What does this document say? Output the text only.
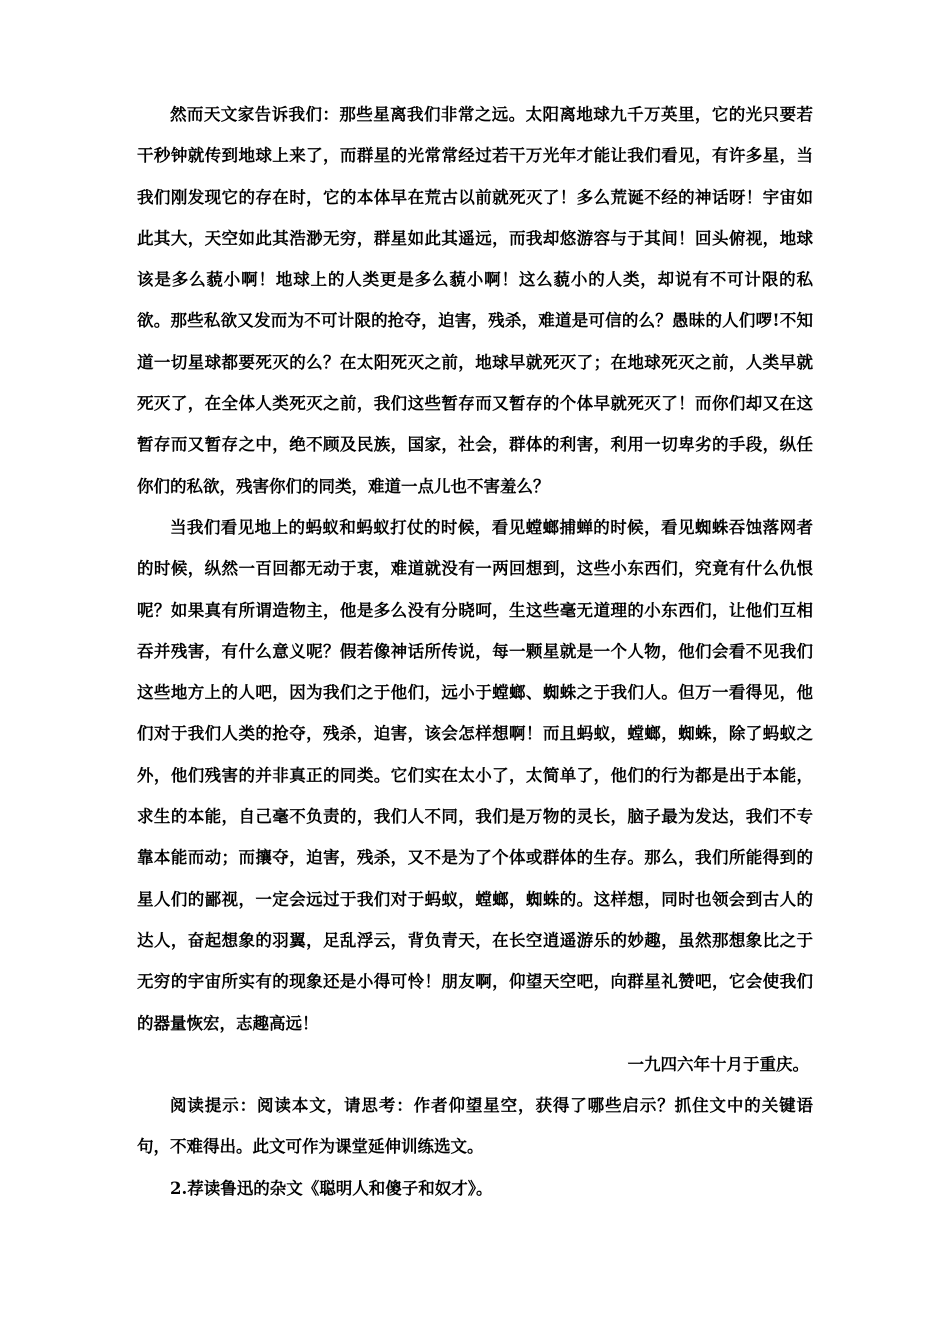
然而天文家告诉我们：那些星离我们非常之远。太阳离地球九千万英里，它的光只要若干秒钟就传到地球上来了，而群星的光常常经过若干万光年才能让我们看见，有许多星，当我们刚发现它的存在时，它的本体早在荒古以前就死灭了！多么荒诞不经的神话呀！宇宙如此其大，天空如此其浩渺无穷，群星如此其遥远，而我却悠游容与于其间！回头俯视，地球该是多么藐小啊！地球上的人类更是多么藐小啊！这么藐小的人类，却说有不可计限的私欲。那些私欲又发而为不可计限的抢夺，迫害，残杀，难道是可信的么？愚昧的人们啰!不知道一切星球都要死灭的么？在太阳死灭之前，地球早就死灭了；在地球死灭之前，人类早就死灭了，在全体人类死灭之前，我们这些暂存而又暂存的个体早就死灭了！而你们却又在这暂存而又暂存之中，绝不顾及民族，国家，社会，群体的利害，利用一切卑劣的手段，纵任你们的私欲，残害你们的同类，难道一点儿也不害羞么？

当我们看见地上的蚂蚁和蚂蚁打仗的时候，看见螳螂捕蝉的时候，看见蜘蛛吞蚀落网者的时候，纵然一百回都无动于衷，难道就没有一两回想到，这些小东西们，究竟有什么仇恨呢？如果真有所谓造物主，他是多么没有分晓呵，生这些毫无道理的小东西们，让他们互相吞并残害，有什么意义呢？假若像神话所传说，每一颗星就是一个人物，他们会看不见我们这些地方上的人吧，因为我们之于他们，远小于螳螂、蜘蛛之于我们人。但万一看得见，他们对于我们人类的抢夺，残杀，迫害，该会怎样想啊！而且蚂蚁，螳螂，蜘蛛，除了蚂蚁之外，他们残害的并非真正的同类。它们实在太小了，太简单了，他们的行为都是出于本能，求生的本能，自己毫不负责的，我们人不同，我们是万物的灵长，脑子最为发达，我们不专靠本能而动；而攘夺，迫害，残杀，又不是为了个体或群体的生存。那么，我们所能得到的星人们的鄙视，一定会远过于我们对于蚂蚁，螳螂，蜘蛛的。这样想，同时也领会到古人的达人，奋起想象的羽翼，足乱浮云，背负青天，在长空逍遥游乐的妙趣，虽然那想象比之于无穷的宇宙所实有的现象还是小得可怜！朋友啊，仰望天空吧，向群星礼赞吧，它会使我们的器量恢宏，志趣高远！

一九四六年十月于重庆。

阅读提示：阅读本文，请思考：作者仰望星空，获得了哪些启示？抓住文中的关键语句，不难得出。此文可作为课堂延伸训练选文。

2.荐读鲁迅的杂文《聪明人和傻子和奴才》。
